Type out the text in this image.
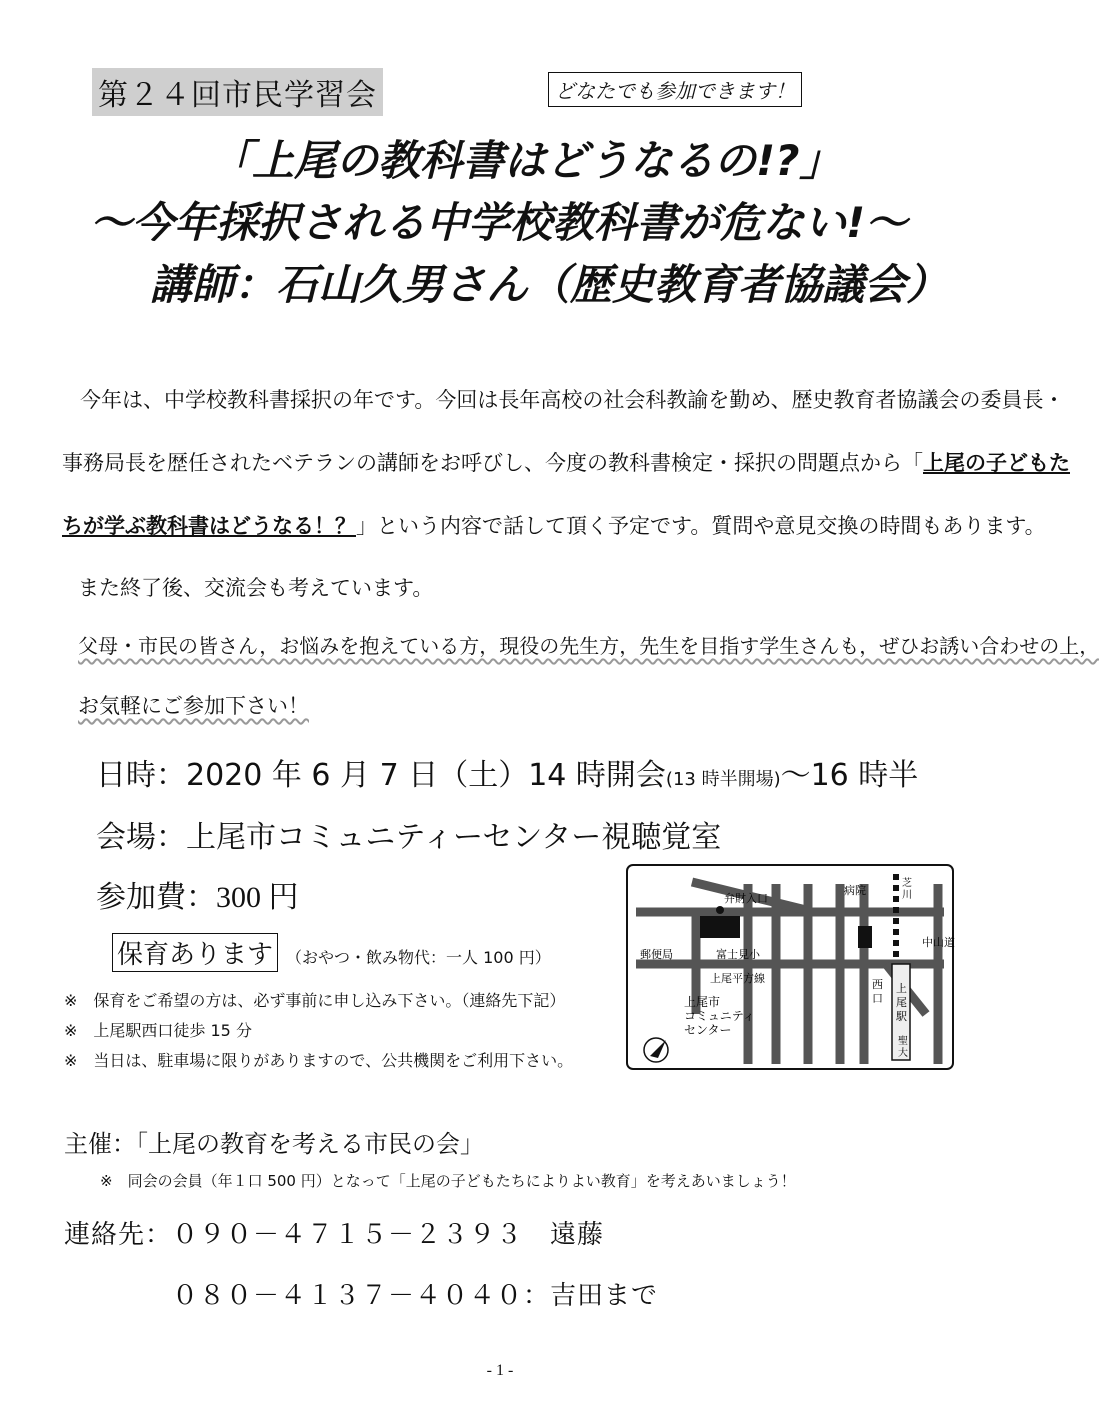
第２４回市民学習会	どなたでも参加できます！
「上尾の教科書はどうなるの!?」
～今年採択される中学校教科書が危ない!～
講師：石山久男さん（歴史教育者協議会）
今年は、中学校教科書採択の年です。今回は長年高校の社会科教諭を勤め、歴史教育者協議会の委員長・
事務局長を歴任されたベテランの講師をお呼びし、今度の教科書検定・採択の問題点から「上尾の子どもた
ちが学ぶ教科書はどうなる！？」という内容で話して頂く予定です。質問や意見交換の時間もあります。
また終了後、交流会も考えています。
父母・市民の皆さん，お悩みを抱えている方，現役の先生方，先生を目指す学生さんも，ぜひお誘い合わせの上，
お気軽にご参加下さい！
日時：2020 年 6 月 7 日（土）14 時開会(13 時半開場)～16 時半
会場：上尾市コミュニティーセンター視聴覚室
参加費：300 円
保育あります （おやつ・飲み物代：一人 100 円）
※　保育をご希望の方は、必ず事前に申し込み下さい。（連絡先下記）
※　上尾駅西口徒歩 15 分
※　当日は、駐車場に限りがありますので、公共機関をご利用下さい。
弁財入口
病院
芝
川
中山道
郵便局	富士見小
上尾平方線
上尾市
コミュニティ
センター
西
口
上
尾
駅
聖
大
主催：「上尾の教育を考える市民の会」
※　同会の会員（年１口 500 円）となって「上尾の子どもたちによりよい教育」を考えあいましょう！
連絡先：０９０－４７１５－２３９３　遠藤
０８０－４１３７－４０４０：吉田まで
- 1 -
